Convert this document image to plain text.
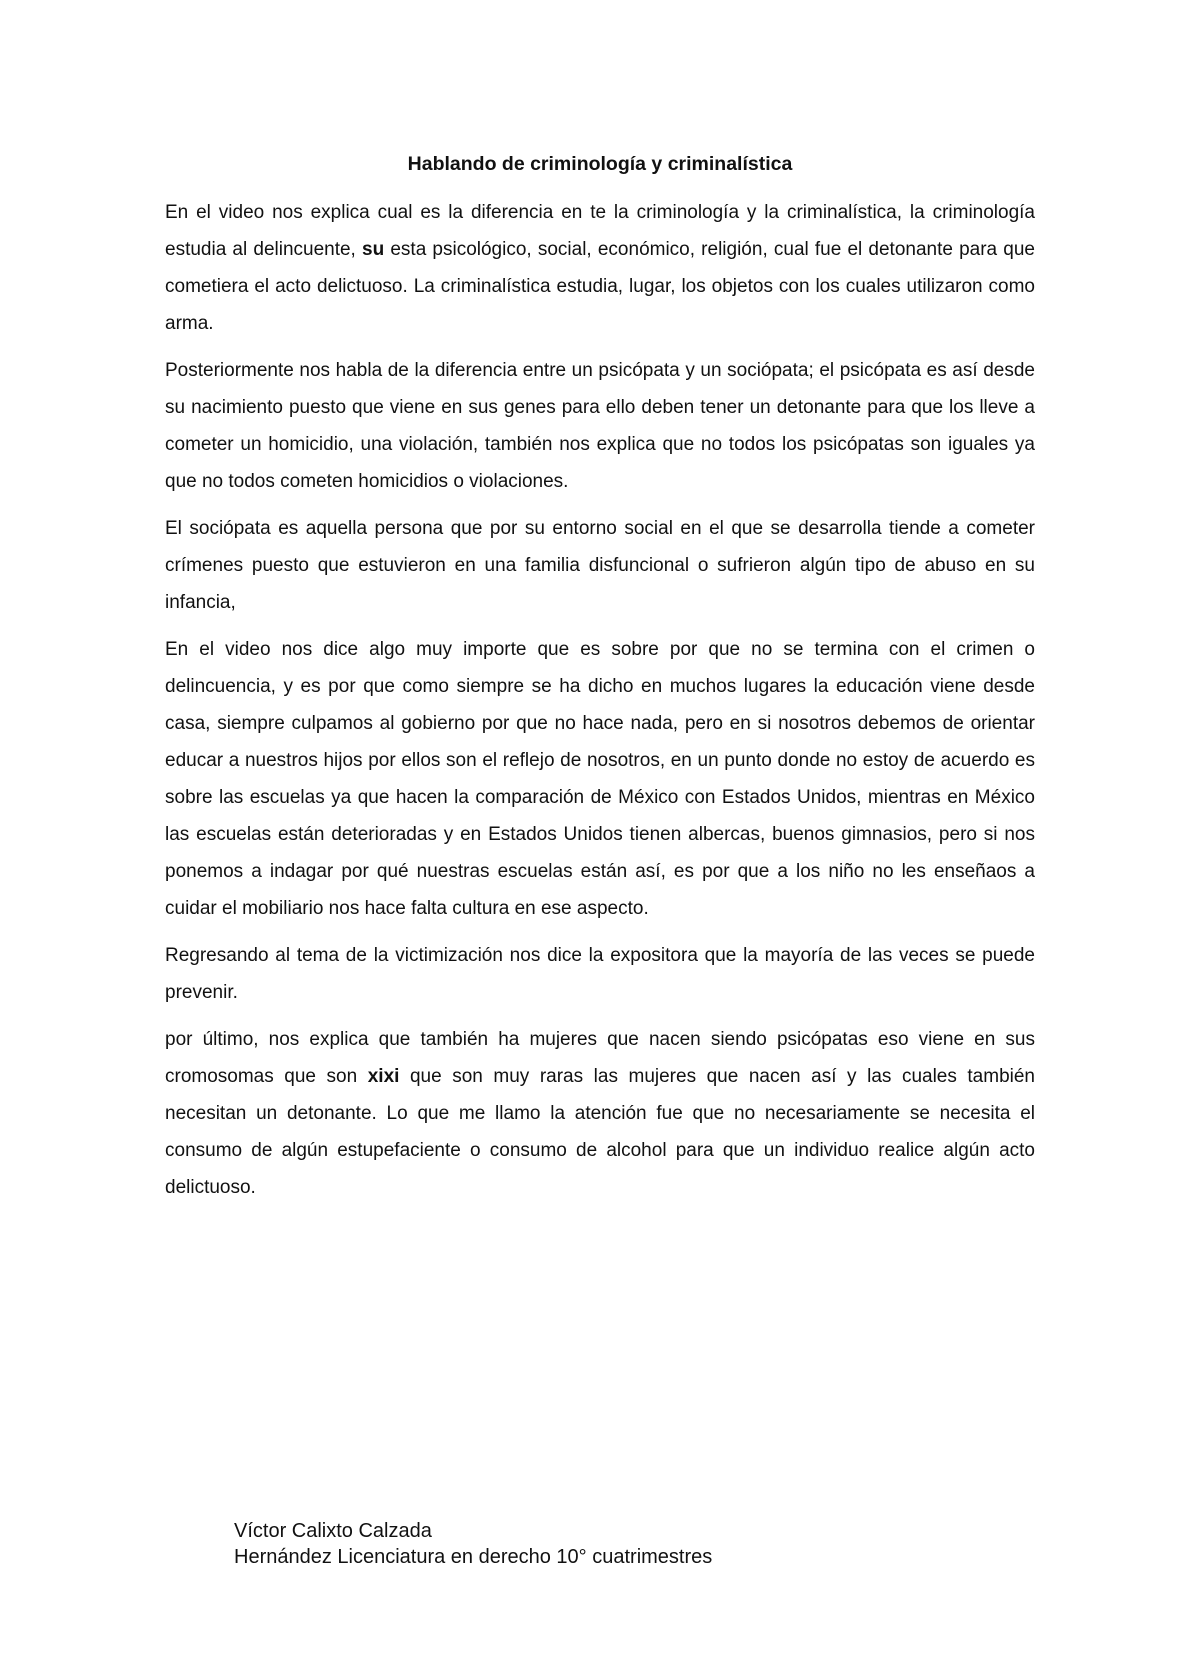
Hablando de criminología y criminalística

En el video nos explica cual es la diferencia en te la criminología y la criminalística, la criminología estudia al delincuente, su esta psicológico, social, económico, religión, cual fue el detonante para que cometiera el acto delictuoso. La criminalística estudia, lugar, los objetos con los cuales utilizaron como arma.

Posteriormente nos habla de la diferencia entre un psicópata y un sociópata; el psicópata es así desde su nacimiento puesto que viene en sus genes para ello deben tener un detonante para que los lleve a cometer un homicidio, una violación, también nos explica que no todos los psicópatas son iguales ya que no todos cometen homicidios o violaciones.

El sociópata es aquella persona que por su entorno social en el que se desarrolla tiende a cometer crímenes puesto que estuvieron en una familia disfuncional o sufrieron algún tipo de abuso en su infancia,

En el video nos dice algo muy importe que es sobre por que no se termina con el crimen o delincuencia, y es por que como siempre se ha dicho en muchos lugares la educación viene desde casa, siempre culpamos al gobierno por que no hace nada, pero en si nosotros debemos de orientar educar a nuestros hijos por ellos son el reflejo de nosotros, en un punto donde no estoy de acuerdo es sobre las escuelas ya que hacen la comparación de México con Estados Unidos, mientras en México las escuelas están deterioradas y en Estados Unidos tienen albercas, buenos gimnasios, pero si nos ponemos a indagar por qué nuestras escuelas están así, es por que a los niño no les enseñaos a cuidar el mobiliario nos hace falta cultura en ese aspecto.

Regresando al tema de la victimización nos dice la expositora que la mayoría de las veces se puede prevenir.

por último, nos explica que también ha mujeres que nacen siendo psicópatas eso viene en sus cromosomas que son xixi que son muy raras las mujeres que nacen así y las cuales también necesitan un detonante. Lo que me llamo la atención fue que no necesariamente se necesita el consumo de algún estupefaciente o consumo de alcohol para que un individuo realice algún acto delictuoso.

Víctor Calixto Calzada
Hernández Licenciatura en derecho 10° cuatrimestres
